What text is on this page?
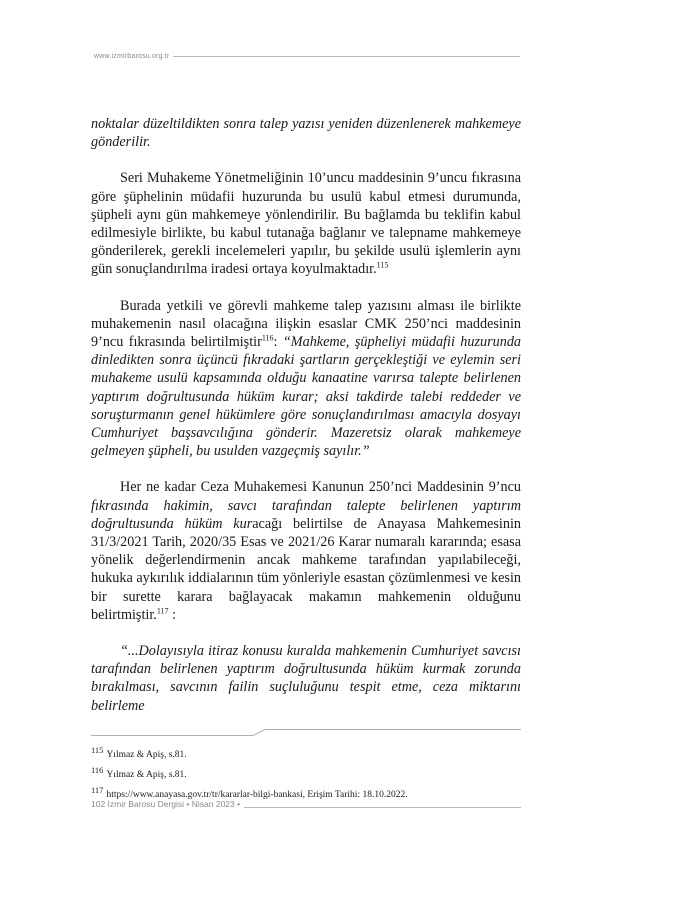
www.izmirbarosu.org.tr

noktalar düzeltildikten sonra talep yazısı yeniden düzenlenerek mahkemeye gönderilir.

Seri Muhakeme Yönetmeliğinin 10’uncu maddesinin 9’uncu fıkrasına göre şüphelinin müdafii huzurunda bu usulü kabul etmesi durumunda, şüpheli aynı gün mahkemeye yönlendirilir. Bu bağlamda bu teklifin kabul edilmesiyle birlikte, bu kabul tutanağa bağlanır ve talepname mahkemeye gönderilerek, gerekli incelemeleri yapılır, bu şekilde usulü işlemlerin aynı gün sonuçlandırılma iradesi ortaya koyulmaktadır.$^{115}$

Burada yetkili ve görevli mahkeme talep yazısını alması ile birlikte muhakemenin nasıl olacağına ilişkin esaslar CMK 250’nci maddesinin 9’ncu fıkrasında belirtilmiştir$^{116}$: “Mahkeme, şüpheliyi müdafii huzurunda dinledikten sonra üçüncü fıkradaki şartların gerçekleştiği ve eylemin seri muhakeme usulü kapsamında olduğu kanaatine varırsa talepte belirlenen yaptırım doğrultusunda hüküm kurar; aksi takdirde talebi reddeder ve soruşturmanın genel hükümlere göre sonuçlandırılması amacıyla dosyayı Cumhuriyet başsavcılığına gönderir. Mazeretsiz olarak mahkemeye gelmeyen şüpheli, bu usulden vazgeçmiş sayılır.”

Her ne kadar Ceza Muhakemesi Kanunun 250’nci Maddesinin 9’ncu fıkrasında hakimin, savcı tarafından talepte belirlenen yaptırım doğrultusunda hüküm kuracağı belirtilse de Anayasa Mahkemesinin 31/3/2021 Tarih, 2020/35 Esas ve 2021/26 Karar numaralı kararında; esasa yönelik değerlendirmenin ancak mahkeme tarafından yapılabileceği, hukuka aykırılık iddialarının tüm yönleriyle esastan çözümlenmesi ve kesin bir surette karara bağlayacak makamın mahkemenin olduğunu belirtmiştir.$^{117}$ :

“...Dolayısıyla itiraz konusu kuralda mahkemenin Cumhuriyet savcısı tarafından belirlenen yaptırım doğrultusunda hüküm kurmak zorunda bırakılması, savcının failin suçluluğunu tespit etme, ceza miktarını belirleme

115Yılmaz & Apiş, s.81.
116Yılmaz & Apiş, s.81.
117https://www.anayasa.gov.tr/tr/kararlar-bilgi-bankasi, Erişim Tarihi: 18.10.2022.
102 İzmir Barosu Dergisi • Nisan 2023 •
